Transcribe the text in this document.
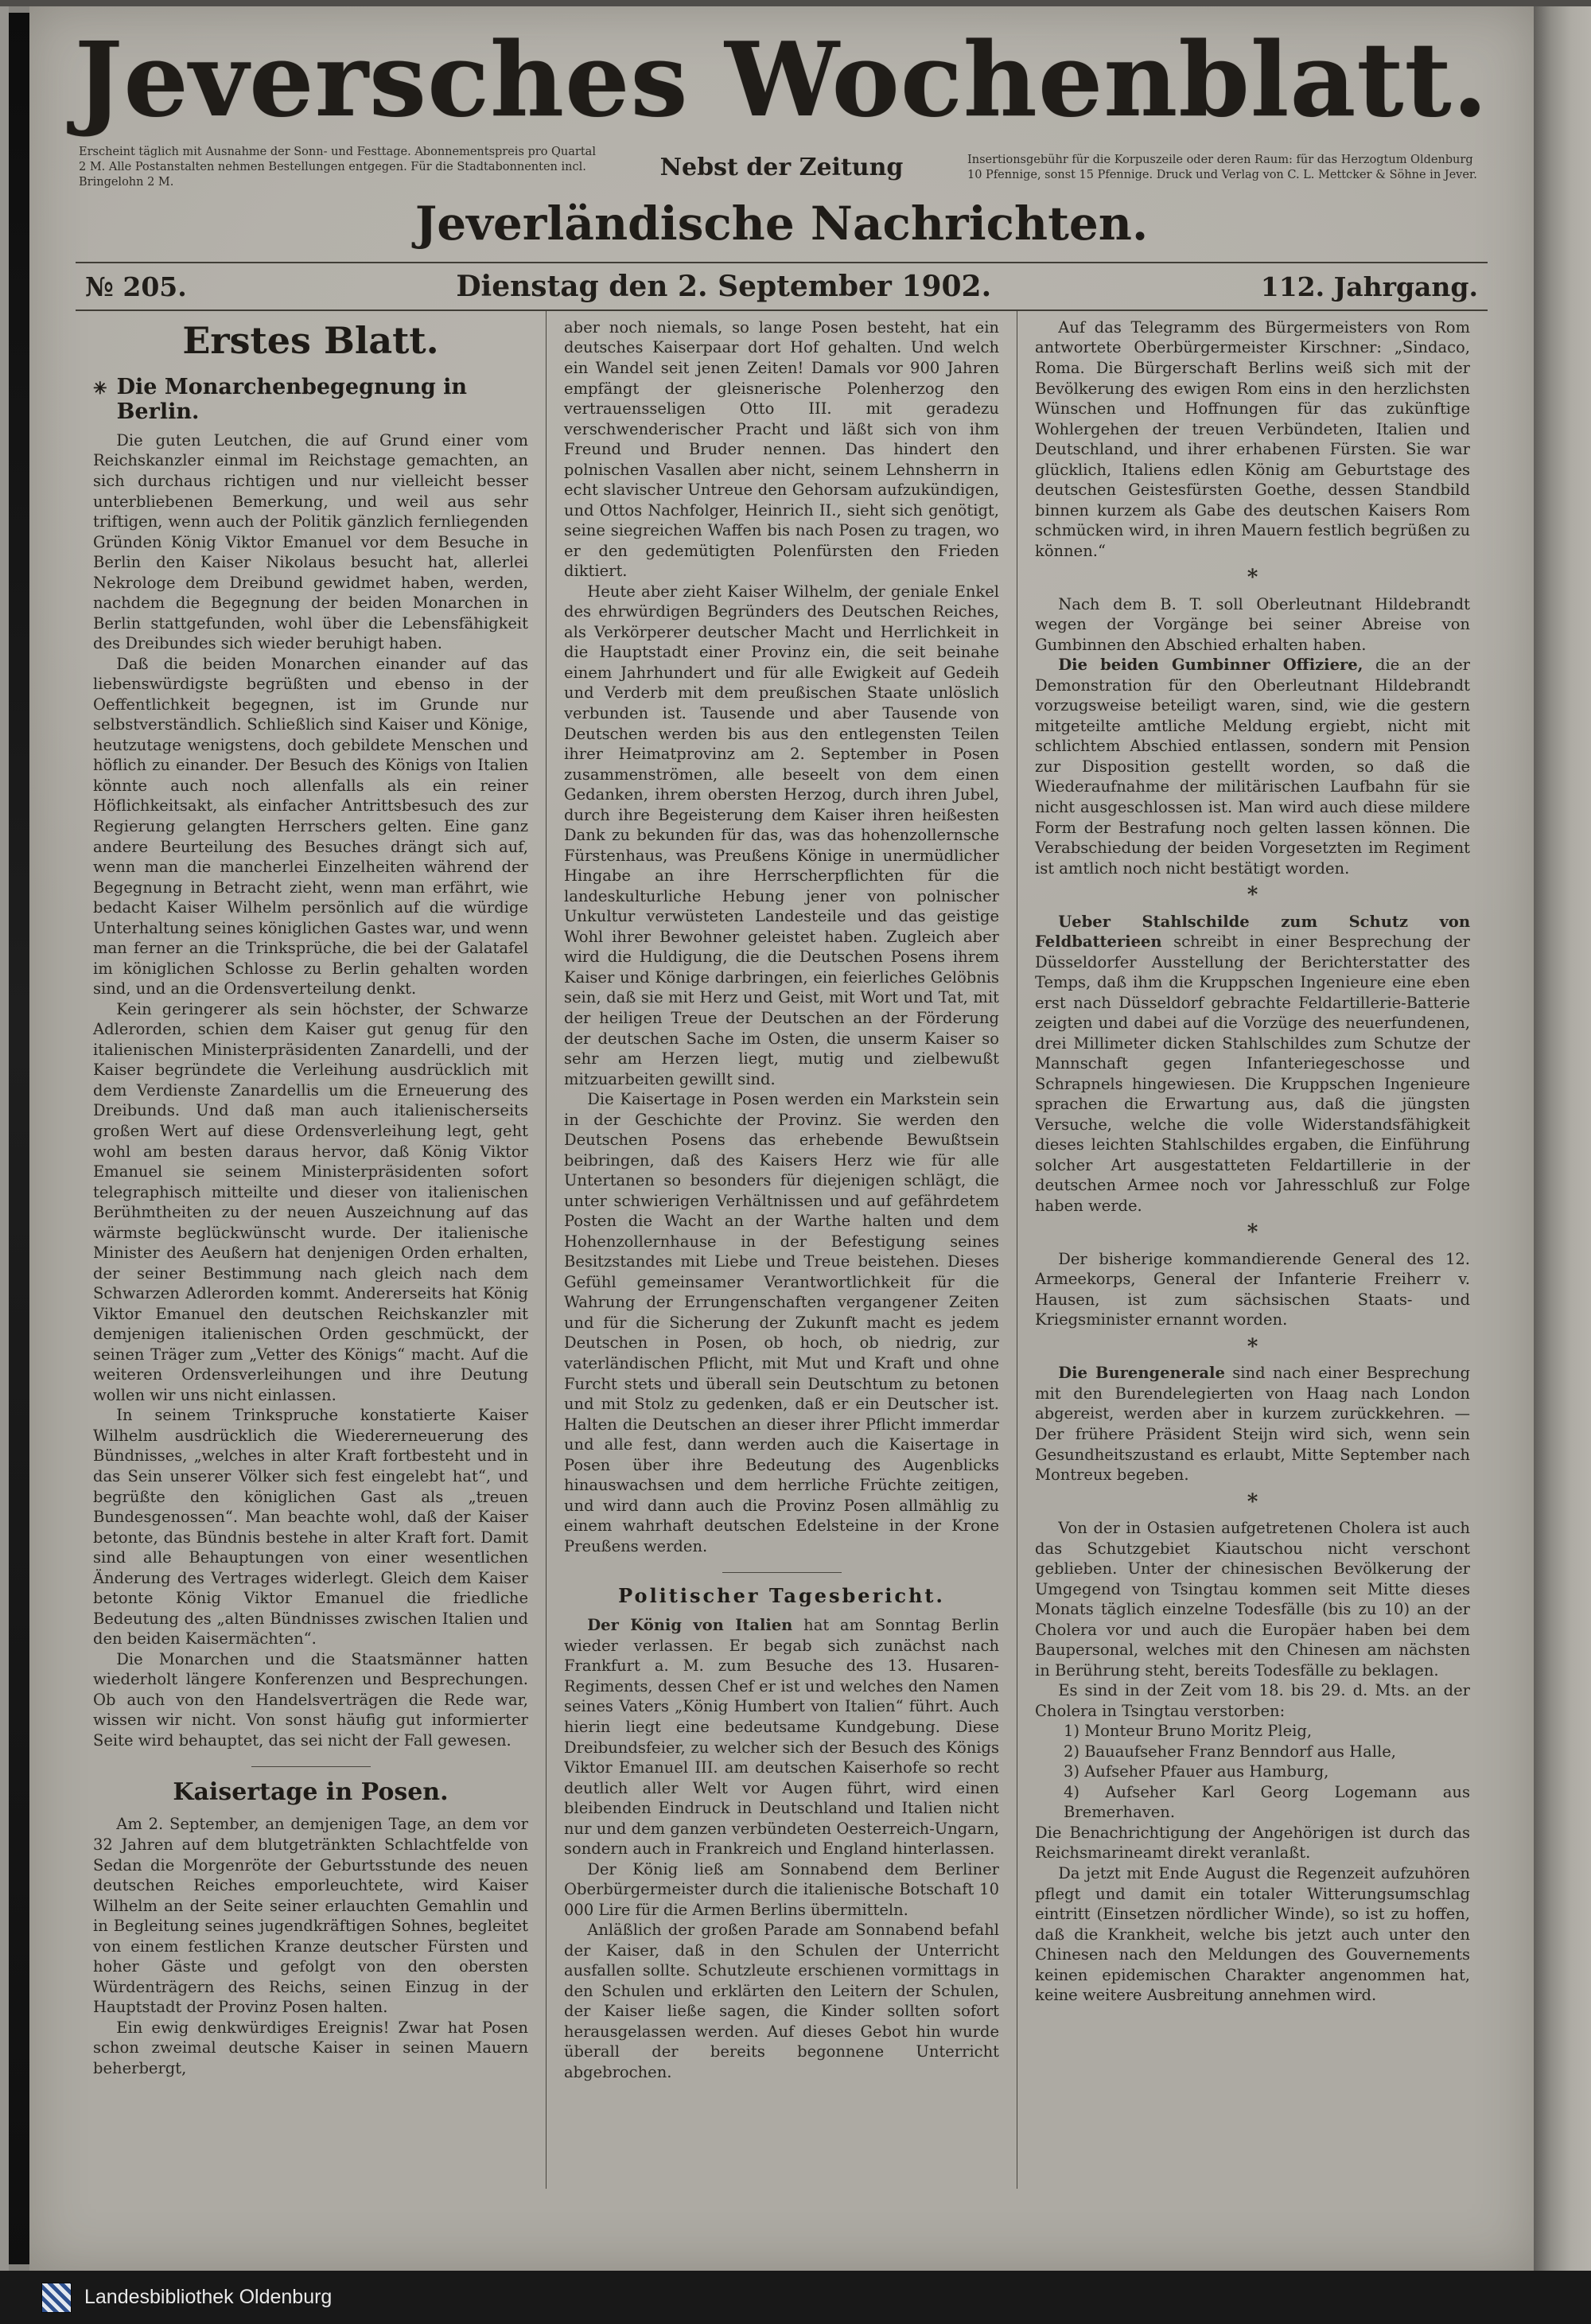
Jeversches Wochenblatt.
Erscheint täglich mit Ausnahme der Sonn- und Festtage. Abonnementspreis pro Quartal 2 M. Alle Postanstalten nehmen Bestellungen entgegen. Für die Stadtabonnenten incl. Bringelohn 2 M.
Nebst der Zeitung	Insertionsgebühr für die Korpuszeile oder deren Raum: für das Herzogtum Oldenburg 10 Pfennige, sonst 15 Pfennige. Druck und Verlag von C. L. Mettcker & Söhne in Jever.
Jeverländische Nachrichten.
№ 205.	Dienstag den 2. September 1902.	112. Jahrgang.
Erstes Blatt.
✳ Die Monarchenbegegnung in Berlin.

Die guten Leutchen, die auf Grund einer vom Reichskanzler einmal im Reichstage gemachten, an sich durchaus richtigen und nur vielleicht besser unterbliebenen Bemerkung, und weil aus sehr triftigen, wenn auch der Politik gänzlich fernliegenden Gründen König Viktor Emanuel vor dem Besuche in Berlin den Kaiser Nikolaus besucht hat, allerlei Nekrologe dem Dreibund gewidmet haben, werden, nachdem die Begegnung der beiden Monarchen in Berlin stattgefunden, wohl über die Lebensfähigkeit des Dreibundes sich wieder beruhigt haben.

Daß die beiden Monarchen einander auf das liebenswürdigste begrüßten und ebenso in der Oeffentlichkeit begegnen, ist im Grunde nur selbstverständlich. Schließlich sind Kaiser und Könige, heutzutage wenigstens, doch gebildete Menschen und höflich zu einander. Der Besuch des Königs von Italien könnte auch noch allenfalls als ein reiner Höflichkeitsakt, als einfacher Antrittsbesuch des zur Regierung gelangten Herrschers gelten. Eine ganz andere Beurteilung des Besuches drängt sich auf, wenn man die mancherlei Einzelheiten während der Begegnung in Betracht zieht, wenn man erfährt, wie bedacht Kaiser Wilhelm persönlich auf die würdige Unterhaltung seines königlichen Gastes war, und wenn man ferner an die Trinksprüche, die bei der Galatafel im königlichen Schlosse zu Berlin gehalten worden sind, und an die Ordensverteilung denkt.

Kein geringerer als sein höchster, der Schwarze Adlerorden, schien dem Kaiser gut genug für den italienischen Ministerpräsidenten Zanardelli, und der Kaiser begründete die Verleihung ausdrücklich mit dem Verdienste Zanardellis um die Erneuerung des Dreibunds. Und daß man auch italienischerseits großen Wert auf diese Ordensverleihung legt, geht wohl am besten daraus hervor, daß König Viktor Emanuel sie seinem Ministerpräsidenten sofort telegraphisch mitteilte und dieser von italienischen Berühmtheiten zu der neuen Auszeichnung auf das wärmste beglückwünscht wurde. Der italienische Minister des Aeußern hat denjenigen Orden erhalten, der seiner Bestimmung nach gleich nach dem Schwarzen Adlerorden kommt. Andererseits hat König Viktor Emanuel den deutschen Reichskanzler mit demjenigen italienischen Orden geschmückt, der seinen Träger zum „Vetter des Königs“ macht. Auf die weiteren Ordensverleihungen und ihre Deutung wollen wir uns nicht einlassen.

In seinem Trinkspruche konstatierte Kaiser Wilhelm ausdrücklich die Wiedererneuerung des Bündnisses, „welches in alter Kraft fortbesteht und in das Sein unserer Völker sich fest eingelebt hat“, und begrüßte den königlichen Gast als „treuen Bundesgenossen“. Man beachte wohl, daß der Kaiser betonte, das Bündnis bestehe in alter Kraft fort. Damit sind alle Behauptungen von einer wesentlichen Änderung des Vertrages widerlegt. Gleich dem Kaiser betonte König Viktor Emanuel die friedliche Bedeutung des „alten Bündnisses zwischen Italien und den beiden Kaisermächten“.

Die Monarchen und die Staatsmänner hatten wiederholt längere Konferenzen und Besprechungen. Ob auch von den Handelsverträgen die Rede war, wissen wir nicht. Von sonst häufig gut informierter Seite wird behauptet, das sei nicht der Fall gewesen.

Kaisertage in Posen.

Am 2. September, an demjenigen Tage, an dem vor 32 Jahren auf dem blutgetränkten Schlachtfelde von Sedan die Morgenröte der Geburtsstunde des neuen deutschen Reiches emporleuchtete, wird Kaiser Wilhelm an der Seite seiner erlauchten Gemahlin und in Begleitung seines jugendkräftigen Sohnes, begleitet von einem festlichen Kranze deutscher Fürsten und hoher Gäste und gefolgt von den obersten Würdenträgern des Reichs, seinen Einzug in der Hauptstadt der Provinz Posen halten.

Ein ewig denkwürdiges Ereignis! Zwar hat Posen schon zweimal deutsche Kaiser in seinen Mauern beherbergt,

aber noch niemals, so lange Posen besteht, hat ein deutsches Kaiserpaar dort Hof gehalten. Und welch ein Wandel seit jenen Zeiten! Damals vor 900 Jahren empfängt der gleisnerische Polenherzog den vertrauensseligen Otto III. mit geradezu verschwenderischer Pracht und läßt sich von ihm Freund und Bruder nennen. Das hindert den polnischen Vasallen aber nicht, seinem Lehnsherrn in echt slavischer Untreue den Gehorsam aufzukündigen, und Ottos Nachfolger, Heinrich II., sieht sich genötigt, seine siegreichen Waffen bis nach Posen zu tragen, wo er den gedemütigten Polenfürsten den Frieden diktiert.

Heute aber zieht Kaiser Wilhelm, der geniale Enkel des ehrwürdigen Begründers des Deutschen Reiches, als Verkörperer deutscher Macht und Herrlichkeit in die Hauptstadt einer Provinz ein, die seit beinahe einem Jahrhundert und für alle Ewigkeit auf Gedeih und Verderb mit dem preußischen Staate unlöslich verbunden ist. Tausende und aber Tausende von Deutschen werden bis aus den entlegensten Teilen ihrer Heimatprovinz am 2. September in Posen zusammenströmen, alle beseelt von dem einen Gedanken, ihrem obersten Herzog, durch ihren Jubel, durch ihre Begeisterung dem Kaiser ihren heißesten Dank zu bekunden für das, was das hohenzollernsche Fürstenhaus, was Preußens Könige in unermüdlicher Hingabe an ihre Herrscherpflichten für die landeskulturliche Hebung jener von polnischer Unkultur verwüsteten Landesteile und das geistige Wohl ihrer Bewohner geleistet haben. Zugleich aber wird die Huldigung, die die Deutschen Posens ihrem Kaiser und Könige darbringen, ein feierliches Gelöbnis sein, daß sie mit Herz und Geist, mit Wort und Tat, mit der heiligen Treue der Deutschen an der Förderung der deutschen Sache im Osten, die unserm Kaiser so sehr am Herzen liegt, mutig und zielbewußt mitzuarbeiten gewillt sind.

Die Kaisertage in Posen werden ein Markstein sein in der Geschichte der Provinz. Sie werden den Deutschen Posens das erhebende Bewußtsein beibringen, daß des Kaisers Herz wie für alle Untertanen so besonders für diejenigen schlägt, die unter schwierigen Verhältnissen und auf gefährdetem Posten die Wacht an der Warthe halten und dem Hohenzollernhause in der Befestigung seines Besitzstandes mit Liebe und Treue beistehen. Dieses Gefühl gemeinsamer Verantwortlichkeit für die Wahrung der Errungenschaften vergangener Zeiten und für die Sicherung der Zukunft macht es jedem Deutschen in Posen, ob hoch, ob niedrig, zur vaterländischen Pflicht, mit Mut und Kraft und ohne Furcht stets und überall sein Deutschtum zu betonen und mit Stolz zu gedenken, daß er ein Deutscher ist. Halten die Deutschen an dieser ihrer Pflicht immerdar und alle fest, dann werden auch die Kaisertage in Posen über ihre Bedeutung des Augenblicks hinauswachsen und dem herrliche Früchte zeitigen, und wird dann auch die Provinz Posen allmählig zu einem wahrhaft deutschen Edelsteine in der Krone Preußens werden.

Politischer Tagesbericht.

Der König von Italien hat am Sonntag Berlin wieder verlassen. Er begab sich zunächst nach Frankfurt a. M. zum Besuche des 13. Husaren-Regiments, dessen Chef er ist und welches den Namen seines Vaters „König Humbert von Italien“ führt. Auch hierin liegt eine bedeutsame Kundgebung. Diese Dreibundsfeier, zu welcher sich der Besuch des Königs Viktor Emanuel III. am deutschen Kaiserhofe so recht deutlich aller Welt vor Augen führt, wird einen bleibenden Eindruck in Deutschland und Italien nicht nur und dem ganzen verbündeten Oesterreich-Ungarn, sondern auch in Frankreich und England hinterlassen.

Der König ließ am Sonnabend dem Berliner Oberbürgermeister durch die italienische Botschaft 10 000 Lire für die Armen Berlins übermitteln.

Anläßlich der großen Parade am Sonnabend befahl der Kaiser, daß in den Schulen der Unterricht ausfallen sollte. Schutzleute erschienen vormittags in den Schulen und erklärten den Leitern der Schulen, der Kaiser ließe sagen, die Kinder sollten sofort herausgelassen werden. Auf dieses Gebot hin wurde überall der bereits begonnene Unterricht abgebrochen.

Auf das Telegramm des Bürgermeisters von Rom antwortete Oberbürgermeister Kirschner: „Sindaco, Roma. Die Bürgerschaft Berlins weiß sich mit der Bevölkerung des ewigen Rom eins in den herzlichsten Wünschen und Hoffnungen für das zukünftige Wohlergehen der treuen Verbündeten, Italien und Deutschland, und ihrer erhabenen Fürsten. Sie war glücklich, Italiens edlen König am Geburtstage des deutschen Geistesfürsten Goethe, dessen Standbild binnen kurzem als Gabe des deutschen Kaisers Rom schmücken wird, in ihren Mauern festlich begrüßen zu können.“

*

Nach dem B. T. soll Oberleutnant Hildebrandt wegen der Vorgänge bei seiner Abreise von Gumbinnen den Abschied erhalten haben.

Die beiden Gumbinner Offiziere, die an der Demonstration für den Oberleutnant Hildebrandt vorzugsweise beteiligt waren, sind, wie die gestern mitgeteilte amtliche Meldung ergiebt, nicht mit schlichtem Abschied entlassen, sondern mit Pension zur Disposition gestellt worden, so daß die Wiederaufnahme der militärischen Laufbahn für sie nicht ausgeschlossen ist. Man wird auch diese mildere Form der Bestrafung noch gelten lassen können. Die Verabschiedung der beiden Vorgesetzten im Regiment ist amtlich noch nicht bestätigt worden.

*

Ueber Stahlschilde zum Schutz von Feldbatterieen schreibt in einer Besprechung der Düsseldorfer Ausstellung der Berichterstatter des Temps, daß ihm die Kruppschen Ingenieure eine eben erst nach Düsseldorf gebrachte Feldartillerie-Batterie zeigten und dabei auf die Vorzüge des neuerfundenen, drei Millimeter dicken Stahlschildes zum Schutze der Mannschaft gegen Infanteriegeschosse und Schrapnels hingewiesen. Die Kruppschen Ingenieure sprachen die Erwartung aus, daß die jüngsten Versuche, welche die volle Widerstandsfähigkeit dieses leichten Stahlschildes ergaben, die Einführung solcher Art ausgestatteten Feldartillerie in der deutschen Armee noch vor Jahresschluß zur Folge haben werde.

*

Der bisherige kommandierende General des 12. Armeekorps, General der Infanterie Freiherr v. Hausen, ist zum sächsischen Staats- und Kriegsminister ernannt worden.

*

Die Burengenerale sind nach einer Besprechung mit den Burendelegierten von Haag nach London abgereist, werden aber in kurzem zurückkehren. — Der frühere Präsident Steijn wird sich, wenn sein Gesundheitszustand es erlaubt, Mitte September nach Montreux begeben.

*

Von der in Ostasien aufgetretenen Cholera ist auch das Schutzgebiet Kiautschou nicht verschont geblieben. Unter der chinesischen Bevölkerung der Umgegend von Tsingtau kommen seit Mitte dieses Monats täglich einzelne Todesfälle (bis zu 10) an der Cholera vor und auch die Europäer haben bei dem Baupersonal, welches mit den Chinesen am nächsten in Berührung steht, bereits Todesfälle zu beklagen.

Es sind in der Zeit vom 18. bis 29. d. Mts. an der Cholera in Tsingtau verstorben:

1) Monteur Bruno Moritz Pleig,

2) Bauaufseher Franz Benndorf aus Halle,

3) Aufseher Pfauer aus Hamburg,

4) Aufseher Karl Georg Logemann aus Bremerhaven.

Die Benachrichtigung der Angehörigen ist durch das Reichsmarineamt direkt veranlaßt.

Da jetzt mit Ende August die Regenzeit aufzuhören pflegt und damit ein totaler Witterungsumschlag eintritt (Einsetzen nördlicher Winde), so ist zu hoffen, daß die Krankheit, welche bis jetzt auch unter den Chinesen nach den Meldungen des Gouvernements keinen epidemischen Charakter angenommen hat, keine weitere Ausbreitung annehmen wird.

Landesbibliothek Oldenburg
